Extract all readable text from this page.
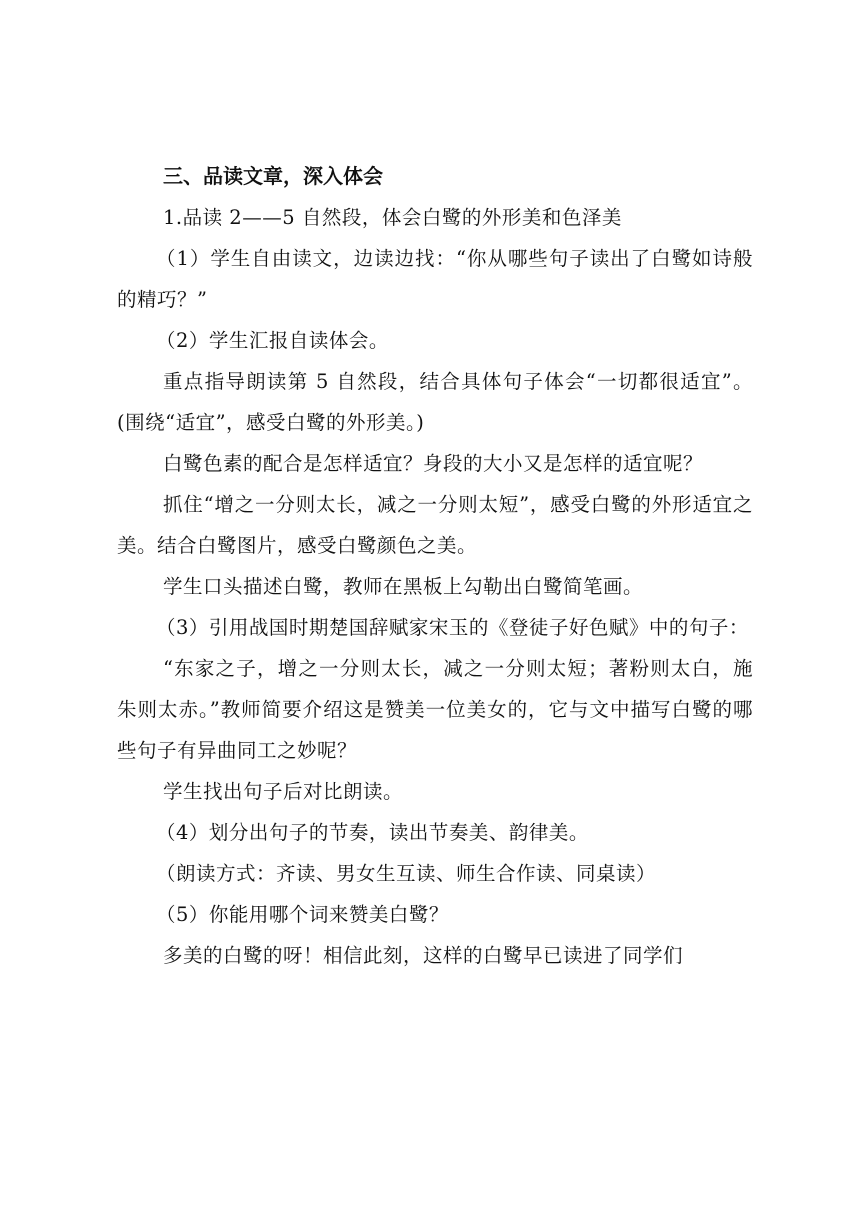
三、品读文章，深入体会

1.品读 2——5 自然段，体会白鹭的外形美和色泽美

（1）学生自由读文，边读边找：“你从哪些句子读出了白鹭如诗般的精巧？”

（2）学生汇报自读体会。

重点指导朗读第 5 自然段，结合具体句子体会“一切都很适宜”。(围绕“适宜”，感受白鹭的外形美。)

白鹭色素的配合是怎样适宜？身段的大小又是怎样的适宜呢？

抓住“增之一分则太长，减之一分则太短”，感受白鹭的外形适宜之美。结合白鹭图片，感受白鹭颜色之美。

学生口头描述白鹭，教师在黑板上勾勒出白鹭简笔画。

（3）引用战国时期楚国辞赋家宋玉的《登徒子好色赋》中的句子：

“东家之子，增之一分则太长，减之一分则太短；著粉则太白，施朱则太赤。”教师简要介绍这是赞美一位美女的，它与文中描写白鹭的哪些句子有异曲同工之妙呢？

学生找出句子后对比朗读。

（4）划分出句子的节奏，读出节奏美、韵律美。

（朗读方式：齐读、男女生互读、师生合作读、同桌读）

（5）你能用哪个词来赞美白鹭？

多美的白鹭的呀！相信此刻，这样的白鹭早已读进了同学们
